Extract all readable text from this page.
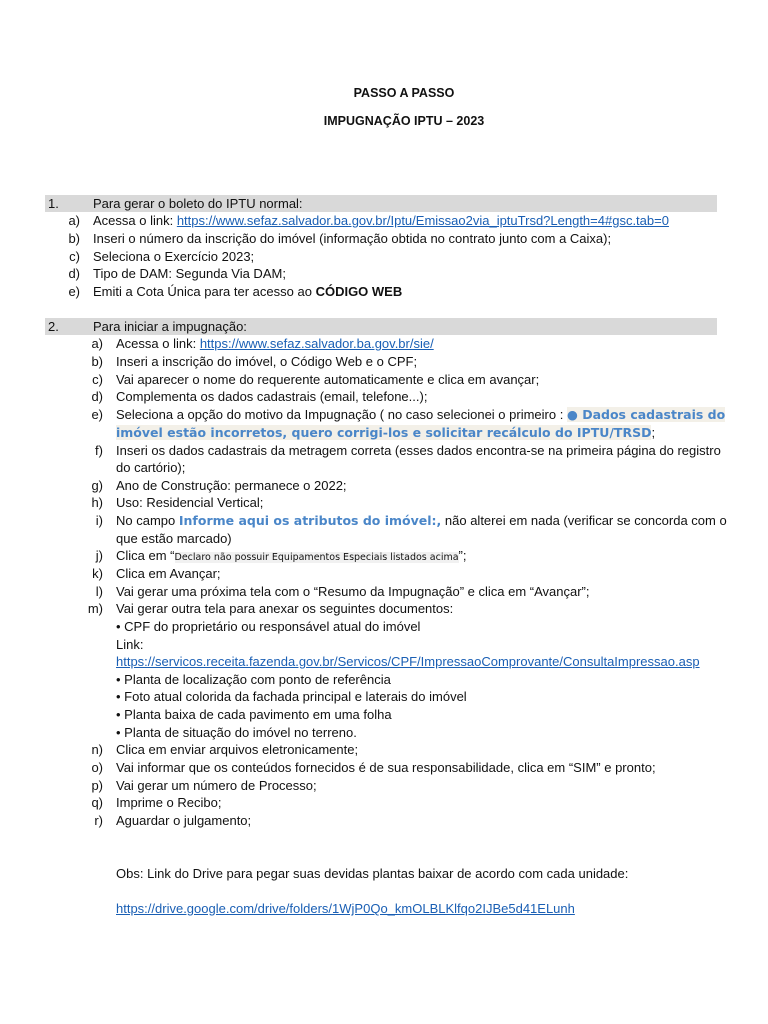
PASSO A PASSO
IMPUGNAÇÃO IPTU – 2023
1.	Para gerar o boleto do IPTU normal:
a) Acessa o link: https://www.sefaz.salvador.ba.gov.br/Iptu/Emissao2via_iptuTrsd?Length=4#gsc.tab=0
b) Inseri o número da inscrição do imóvel (informação obtida no contrato junto com a Caixa);
c) Seleciona o Exercício 2023;
d) Tipo de DAM: Segunda Via DAM;
e) Emiti a Cota Única para ter acesso ao CÓDIGO WEB
2.	Para iniciar a impugnação:
a) Acessa o link: https://www.sefaz.salvador.ba.gov.br/sie/
b) Inseri a inscrição do imóvel, o Código Web e o CPF;
c) Vai aparecer o nome do requerente automaticamente e clica em avançar;
d) Complementa os dados cadastrais (email, telefone...);
e) Seleciona a opção do motivo da Impugnação ( no caso selecionei o primeiro : ● Dados cadastrais do
imóvel estão incorretos, quero corrigi-los e solicitar recálculo do IPTU/TRSD;
f) Inseri os dados cadastrais da metragem correta (esses dados encontra-se na primeira página do registro
do cartório);
g) Ano de Construção: permanece o 2022;
h) Uso: Residencial Vertical;
i) No campo Informe aqui os atributos do imóvel:, não alterei em nada (verificar se concorda com o
que estão marcado)
j) Clica em “Declaro não possuir Equipamentos Especiais listados acima”;
k) Clica em Avançar;
l) Vai gerar uma próxima tela com o “Resumo da Impugnação” e clica em “Avançar”;
m) Vai gerar outra tela para anexar os seguintes documentos:
• CPF do proprietário ou responsável atual do imóvel
Link:
https://servicos.receita.fazenda.gov.br/Servicos/CPF/ImpressaoComprovante/ConsultaImpressao.asp
• Planta de localização com ponto de referência
• Foto atual colorida da fachada principal e laterais do imóvel
• Planta baixa de cada pavimento em uma folha
• Planta de situação do imóvel no terreno.
n) Clica em enviar arquivos eletronicamente;
o) Vai informar que os conteúdos fornecidos é de sua responsabilidade, clica em “SIM” e pronto;
p) Vai gerar um número de Processo;
q) Imprime o Recibo;
r) Aguardar o julgamento;
Obs: Link do Drive para pegar suas devidas plantas baixar de acordo com cada unidade:
https://drive.google.com/drive/folders/1WjP0Qo_kmOLBLKlfqo2IJBe5d41ELunh
